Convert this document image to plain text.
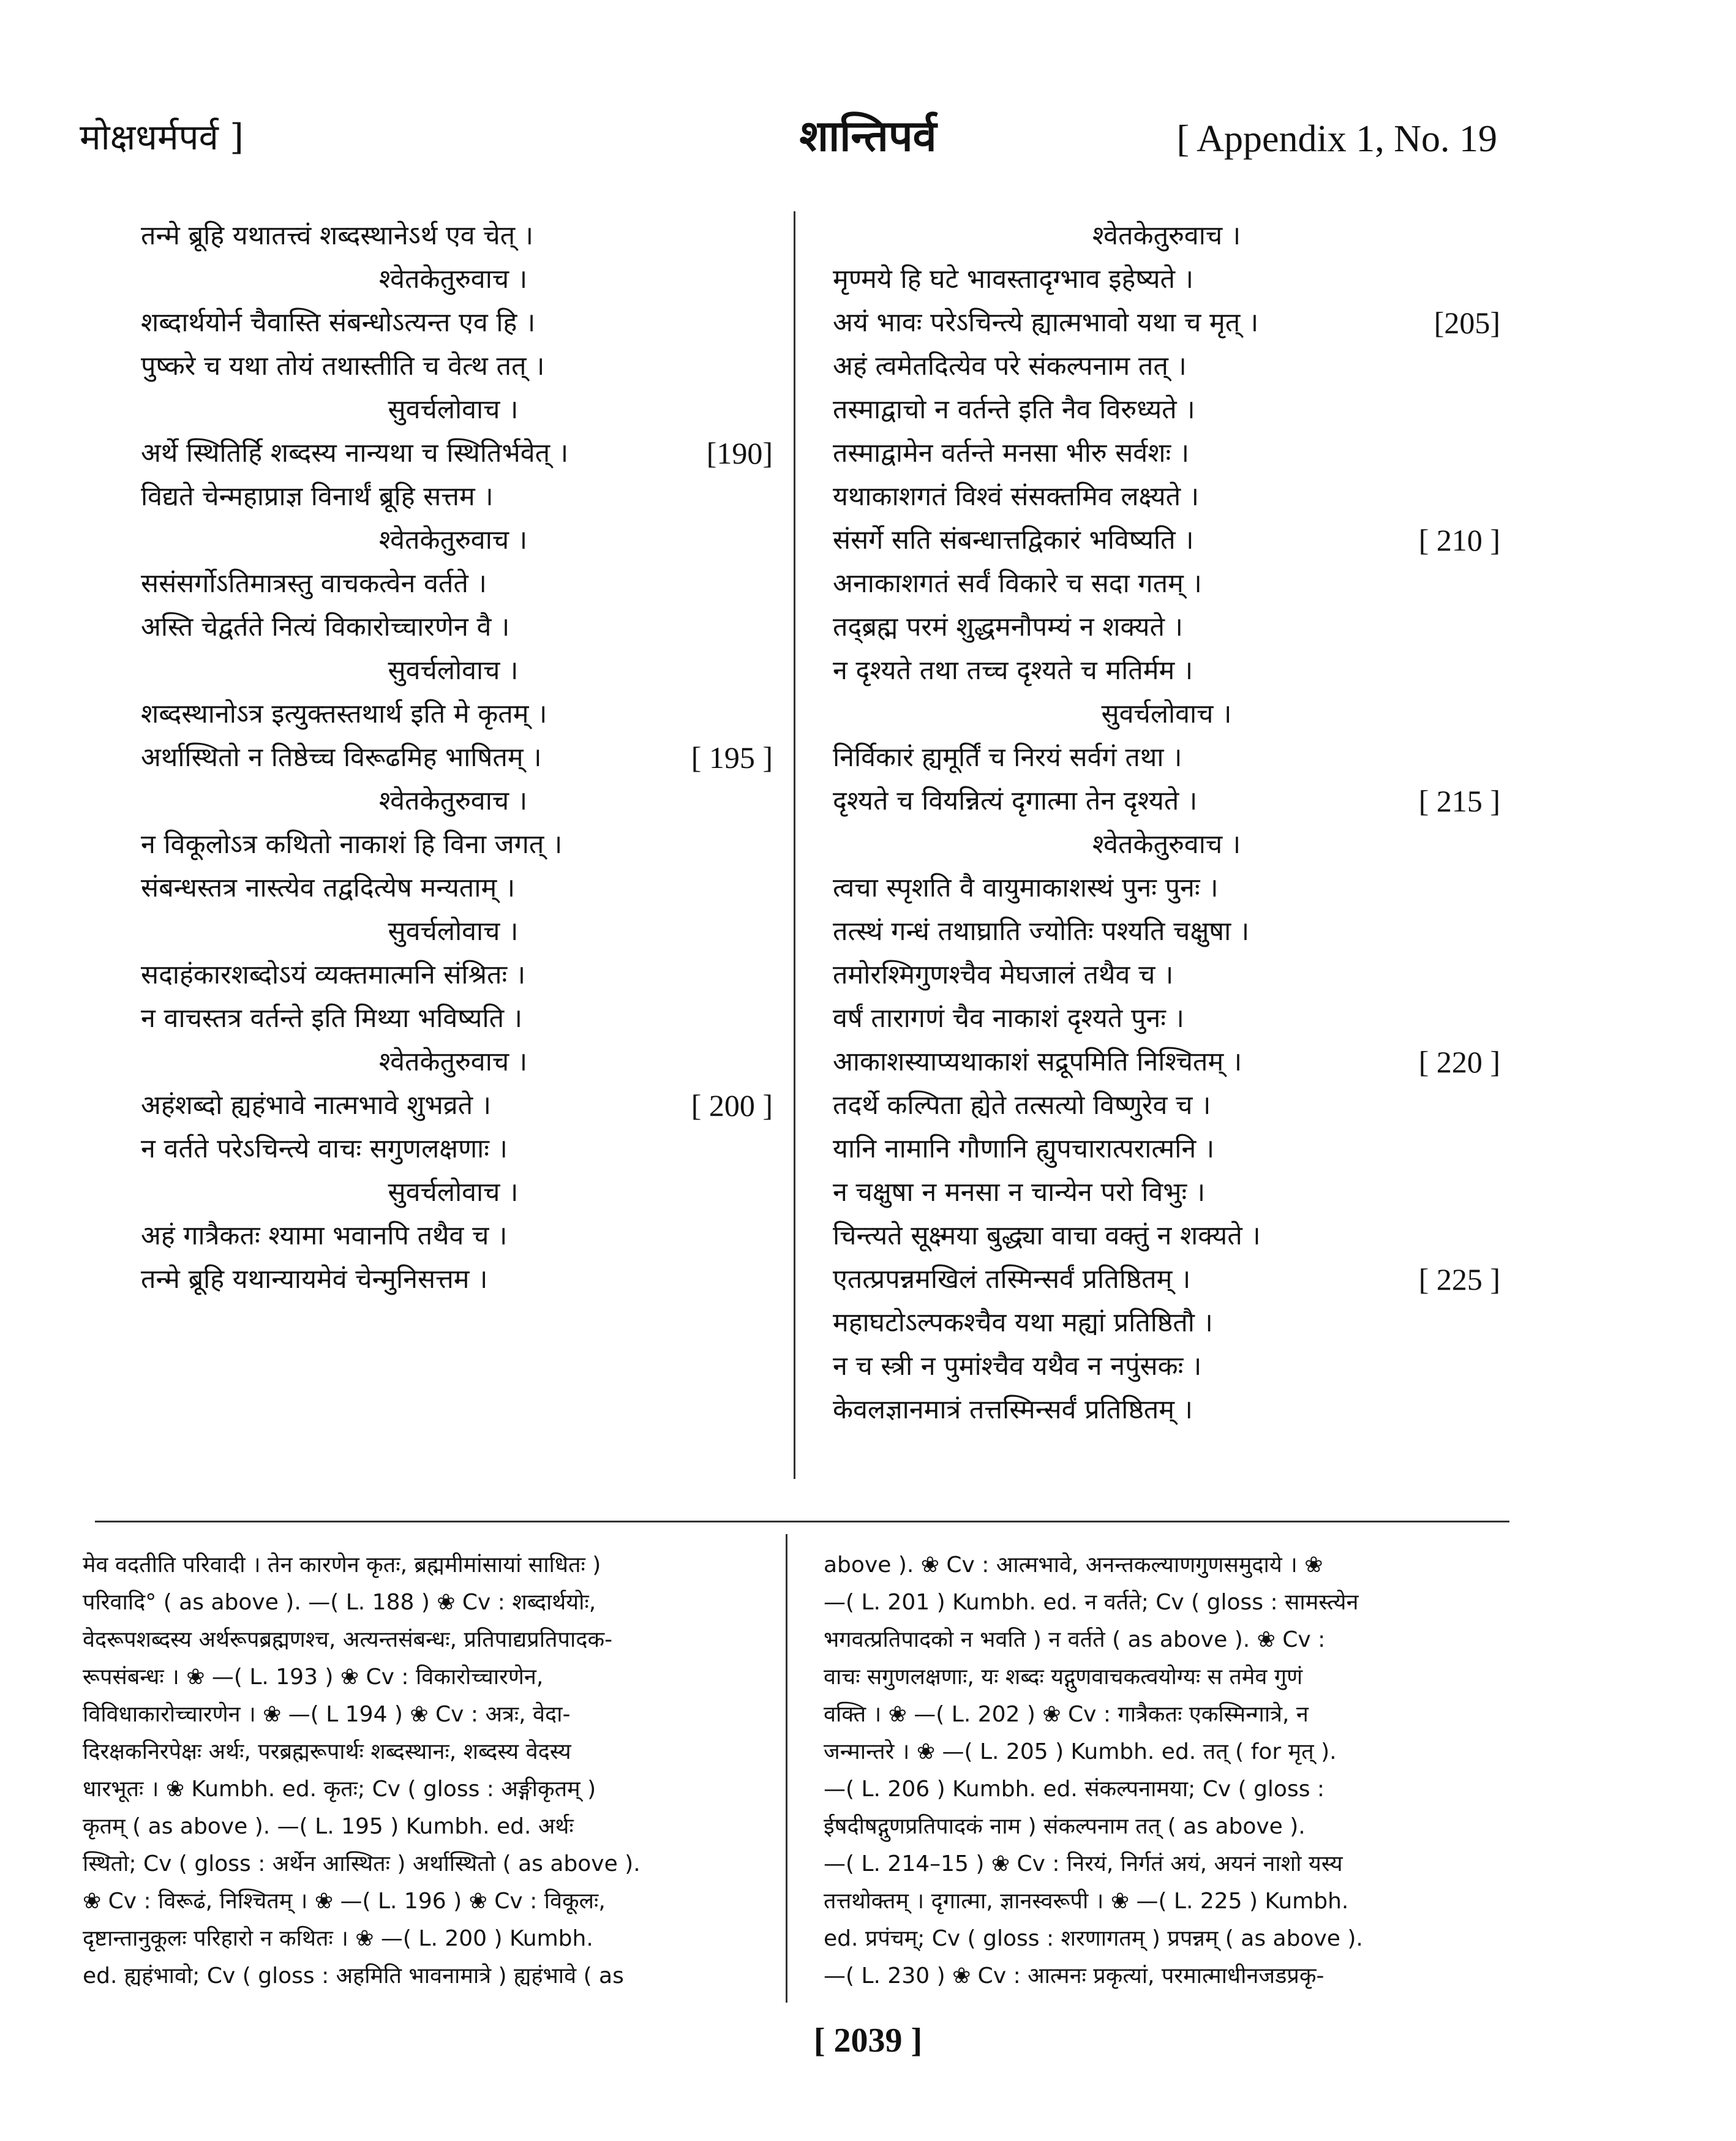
मोक्षधर्मपर्व ]	शान्तिपर्व	[ Appendix 1, No. 19
तन्मे ब्रूहि यथातत्त्वं शब्दस्थानेऽर्थ एव चेत् ।
श्वेतकेतुरुवाच ।
शब्दार्थयोर्न चैवास्ति संबन्धोऽत्यन्त एव हि ।
पुष्करे च यथा तोयं तथास्तीति च वेत्थ तत् ।
सुवर्चलोवाच ।
अर्थे स्थितिर्हि शब्दस्य नान्यथा च स्थितिर्भवेत् ।	[190]
विद्यते चेन्महाप्राज्ञ विनार्थं ब्रूहि सत्तम ।
श्वेतकेतुरुवाच ।
ससंसर्गोऽतिमात्रस्तु वाचकत्वेन वर्तते ।
अस्ति चेद्वर्तते नित्यं विकारोच्चारणेन वै ।
सुवर्चलोवाच ।
शब्दस्थानोऽत्र इत्युक्तस्तथार्थ इति मे कृतम् ।
अर्थास्थितो न तिष्ठेच्च विरूढमिह भाषितम् ।	[ 195 ]
श्वेतकेतुरुवाच ।
न विकूलोऽत्र कथितो नाकाशं हि विना जगत् ।
संबन्धस्तत्र नास्त्येव तद्वदित्येष मन्यताम् ।
सुवर्चलोवाच ।
सदाहंकारशब्दोऽयं व्यक्तमात्मनि संश्रितः ।
न वाचस्तत्र वर्तन्ते इति मिथ्या भविष्यति ।
श्वेतकेतुरुवाच ।
अहंशब्दो ह्यहंभावे नात्मभावे शुभव्रते ।	[ 200 ]
न वर्तते परेऽचिन्त्ये वाचः सगुणलक्षणाः ।
सुवर्चलोवाच ।
अहं गात्रैकतः श्यामा भवानपि तथैव च ।
तन्मे ब्रूहि यथान्यायमेवं चेन्मुनिसत्तम ।
श्वेतकेतुरुवाच ।
मृण्मये हि घटे भावस्तादृग्भाव इहेष्यते ।
अयं भावः परेऽचिन्त्ये ह्यात्मभावो यथा च मृत् ।	[205]
अहं त्वमेतदित्येव परे संकल्पनाम तत् ।
तस्माद्वाचो न वर्तन्ते इति नैव विरुध्यते ।
तस्माद्वामेन वर्तन्ते मनसा भीरु सर्वशः ।
यथाकाशगतं विश्वं संसक्तमिव लक्ष्यते ।
संसर्गे सति संबन्धात्तद्विकारं भविष्यति ।	[ 210 ]
अनाकाशगतं सर्वं विकारे च सदा गतम् ।
तद्ब्रह्म परमं शुद्धमनौपम्यं न शक्यते ।
न दृश्यते तथा तच्च दृश्यते च मतिर्मम ।
सुवर्चलोवाच ।
निर्विकारं ह्यमूर्तिं च निरयं सर्वगं तथा ।
दृश्यते च वियन्नित्यं दृगात्मा तेन दृश्यते ।	[ 215 ]
श्वेतकेतुरुवाच ।
त्वचा स्पृशति वै वायुमाकाशस्थं पुनः पुनः ।
तत्स्थं गन्धं तथाघ्राति ज्योतिः पश्यति चक्षुषा ।
तमोरश्मिगुणश्चैव मेघजालं तथैव च ।
वर्षं तारागणं चैव नाकाशं दृश्यते पुनः ।
आकाशस्याप्यथाकाशं सद्रूपमिति निश्चितम् ।	[ 220 ]
तदर्थे कल्पिता ह्येते तत्सत्यो विष्णुरेव च ।
यानि नामानि गौणानि ह्युपचारात्परात्मनि ।
न चक्षुषा न मनसा न चान्येन परो विभुः ।
चिन्त्यते सूक्ष्मया बुद्ध्या वाचा वक्तुं न शक्यते ।
एतत्प्रपन्नमखिलं तस्मिन्सर्वं प्रतिष्ठितम् ।	[ 225 ]
महाघटोऽल्पकश्चैव यथा मह्यां प्रतिष्ठितौ ।
न च स्त्री न पुमांश्चैव यथैव न नपुंसकः ।
केवलज्ञानमात्रं तत्तस्मिन्सर्वं प्रतिष्ठितम् ।
मेव वदतीति परिवादी । तेन कारणेन कृतः, ब्रह्ममीमांसायां साधितः )
परिवादि° ( as above ). —( L. 188 ) ❀ Cv : शब्दार्थयोः,
वेदरूपशब्दस्य अर्थरूपब्रह्मणश्च, अत्यन्तसंबन्धः, प्रतिपाद्यप्रतिपादक-
रूपसंबन्धः । ❀ —( L. 193 ) ❀ Cv : विकारोच्चारणेन,
विविधाकारोच्चारणेन । ❀ —( L 194 ) ❀ Cv : अत्रः, वेदा-
दिरक्षकनिरपेक्षः अर्थः, परब्रह्मरूपार्थः शब्दस्थानः, शब्दस्य वेदस्य
धारभूतः । ❀ Kumbh. ed. कृतः; Cv ( gloss : अङ्गीकृतम् )
कृतम् ( as above ). —( L. 195 ) Kumbh. ed. अर्थः
स्थितो; Cv ( gloss : अर्थेन आस्थितः ) अर्थास्थितो ( as above ).
❀ Cv : विरूढं, निश्चितम् । ❀ —( L. 196 ) ❀ Cv : विकूलः,
दृष्टान्तानुकूलः परिहारो न कथितः । ❀ —( L. 200 ) Kumbh.
ed. ह्यहंभावो; Cv ( gloss : अहमिति भावनामात्रे ) ह्यहंभावे ( as
above ). ❀ Cv : आत्मभावे, अनन्तकल्याणगुणसमुदाये । ❀
—( L. 201 ) Kumbh. ed. न वर्तते; Cv ( gloss : सामस्त्येन
भगवत्प्रतिपादको न भवति ) न वर्तते ( as above ). ❀ Cv :
वाचः सगुणलक्षणाः, यः शब्दः यद्गुणवाचकत्वयोग्यः स तमेव गुणं
वक्ति । ❀ —( L. 202 ) ❀ Cv : गात्रैकतः एकस्मिन्गात्रे, न
जन्मान्तरे । ❀ —( L. 205 ) Kumbh. ed. तत् ( for मृत् ).
—( L. 206 ) Kumbh. ed. संकल्पनामया; Cv ( gloss :
ईषदीषद्गुणप्रतिपादकं नाम ) संकल्पनाम तत् ( as above ).
—( L. 214–15 ) ❀ Cv : निरयं, निर्गतं अयं, अयनं नाशो यस्य
तत्तथोक्तम् । दृगात्मा, ज्ञानस्वरूपी । ❀ —( L. 225 ) Kumbh.
ed. प्रपंचम्; Cv ( gloss : शरणागतम् ) प्रपन्नम् ( as above ).
—( L. 230 ) ❀ Cv : आत्मनः प्रकृत्यां, परमात्माधीनजडप्रकृ-
[ 2039 ]
